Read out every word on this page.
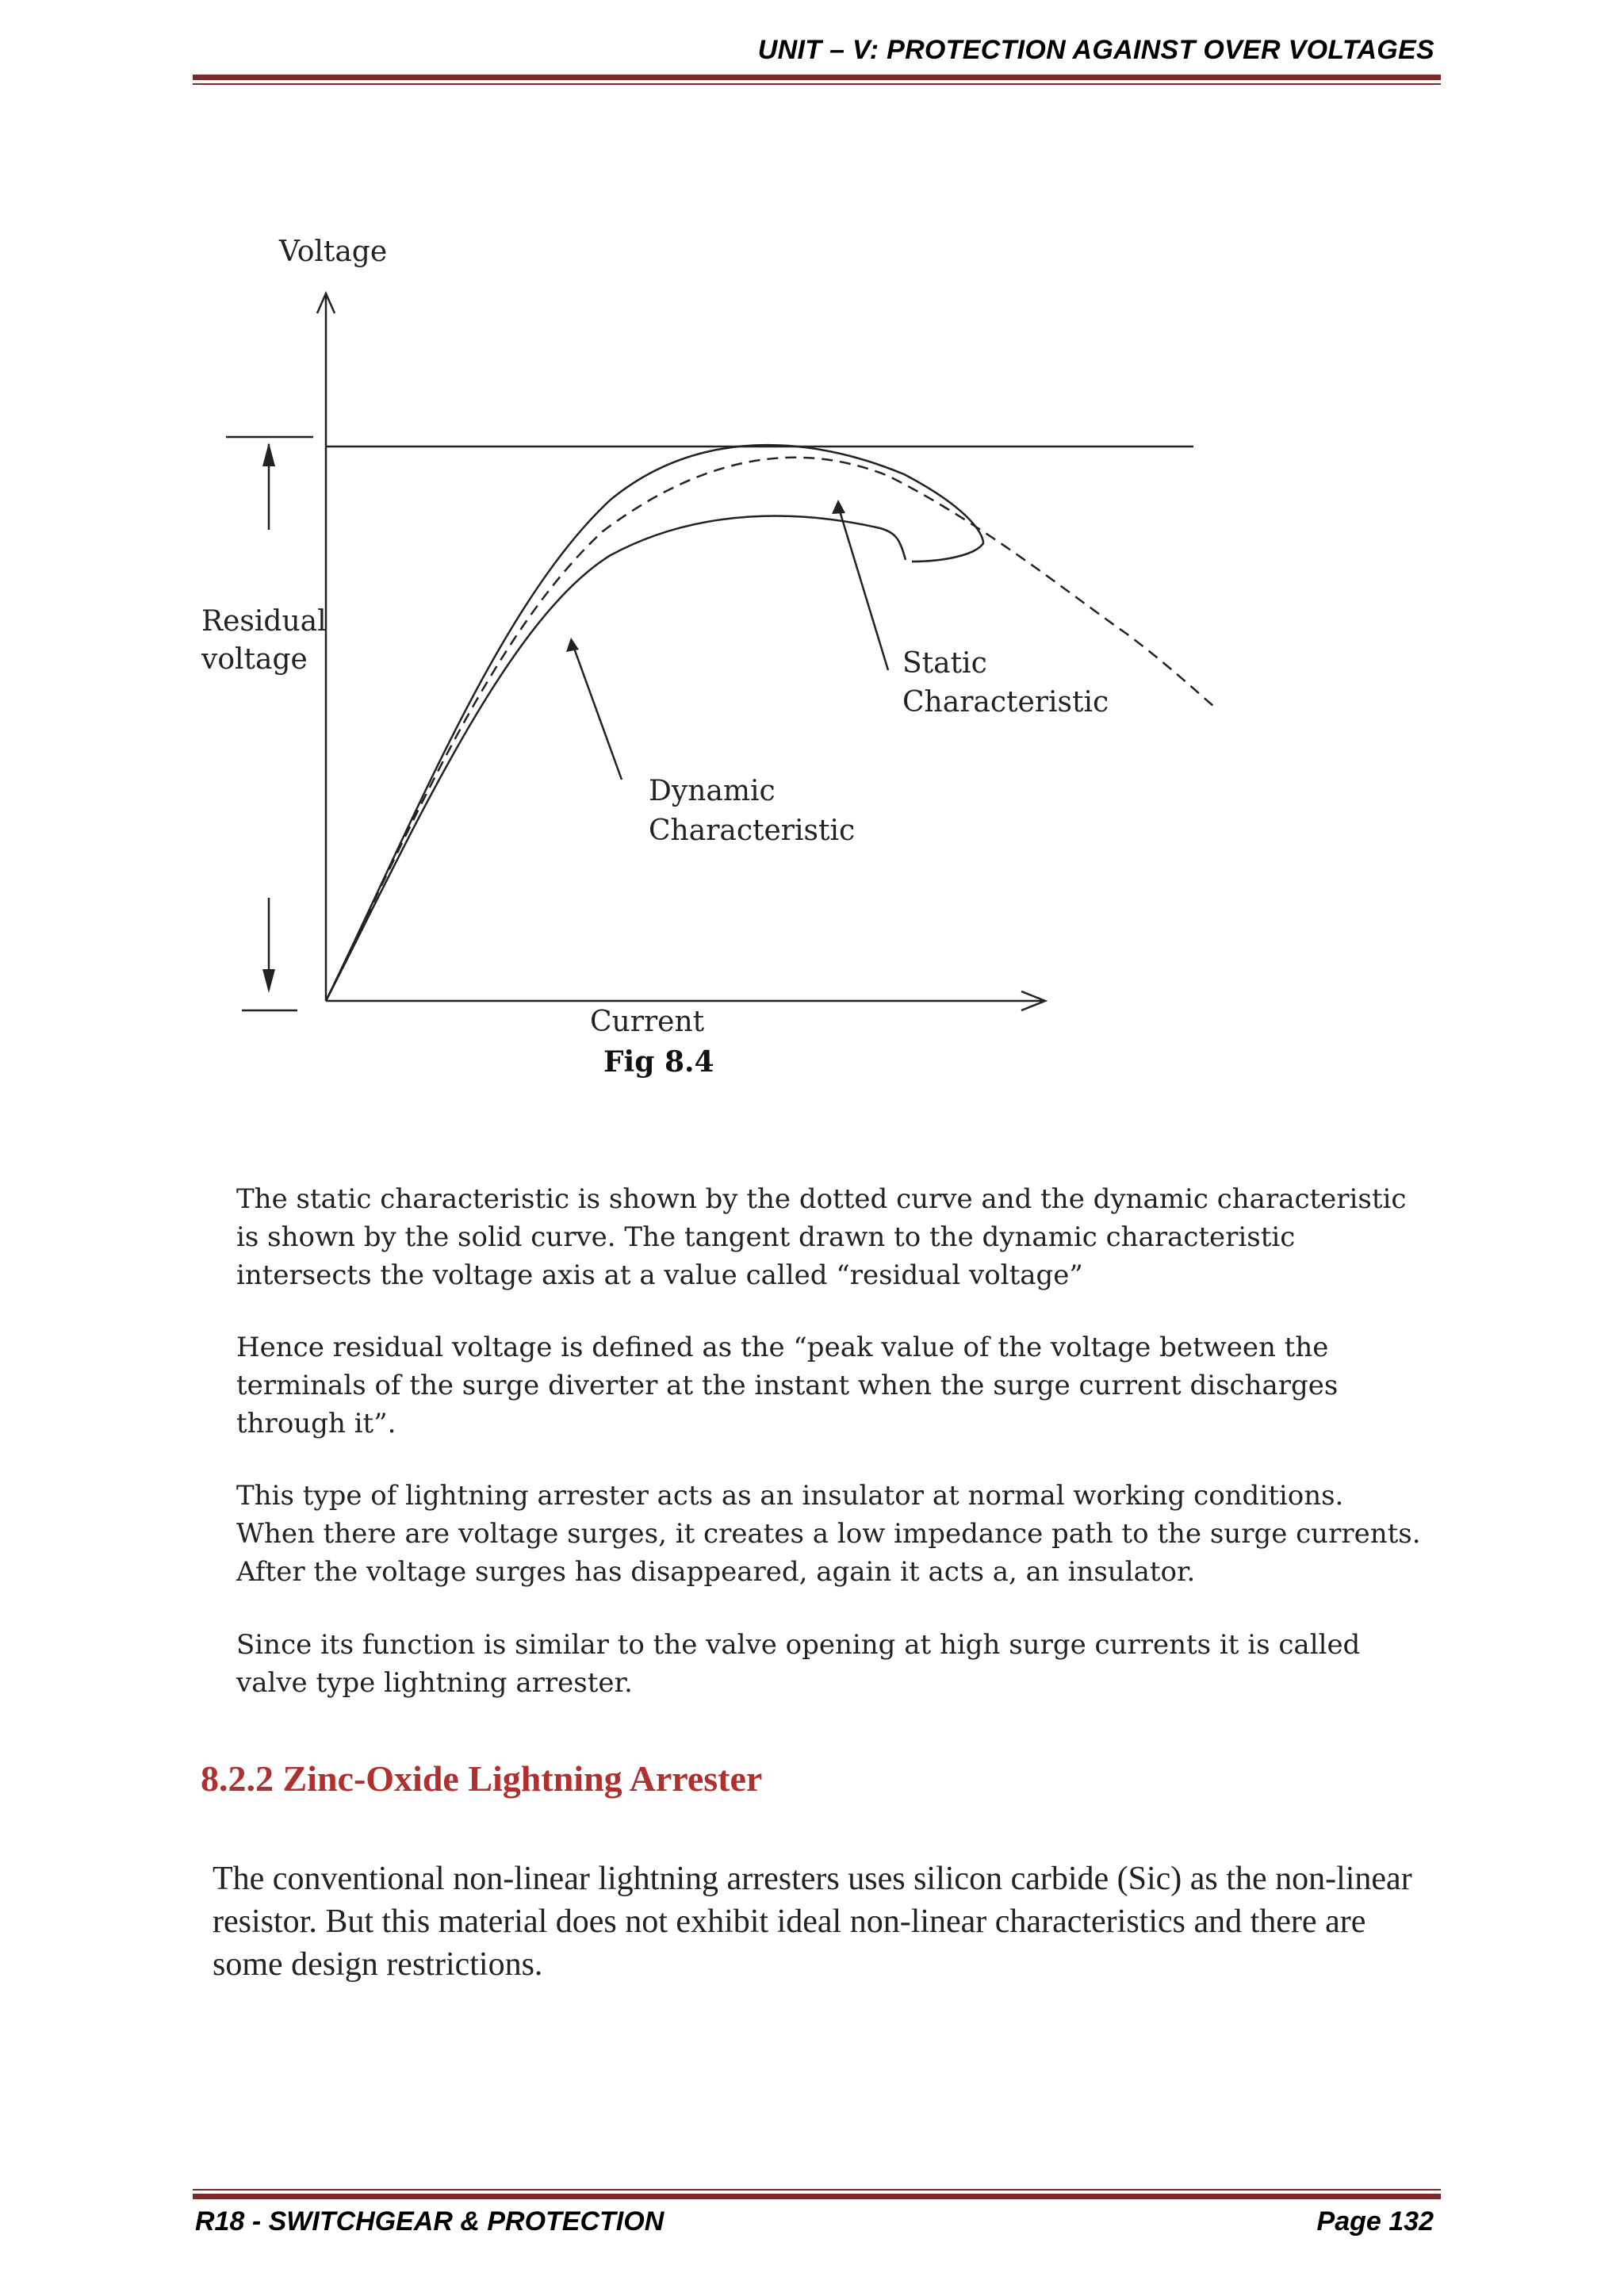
UNIT – V: PROTECTION AGAINST OVER VOLTAGES
Voltage
Residual
voltage	Static
Characteristic
Dynamic
Characteristic
Current
Fig 8.4

The static characteristic is shown by the dotted curve and the dynamic characteristic is shown by the solid curve. The tangent drawn to the dynamic characteristic intersects the voltage axis at a value called “residual voltage”

Hence residual voltage is defined as the “peak value of the voltage between the terminals of the surge diverter at the instant when the surge current discharges through it”.

This type of lightning arrester acts as an insulator at normal working conditions. When there are voltage surges, it creates a low impedance path to the surge currents. After the voltage surges has disappeared, again it acts a, an insulator.

Since its function is similar to the valve opening at high surge currents it is called valve type lightning arrester.

8.2.2 Zinc-Oxide Lightning Arrester

The conventional non-linear lightning arresters uses silicon carbide (Sic) as the non-linear resistor. But this material does not exhibit ideal non-linear characteristics and there are some design restrictions.

R18 - SWITCHGEAR & PROTECTION	Page 132
